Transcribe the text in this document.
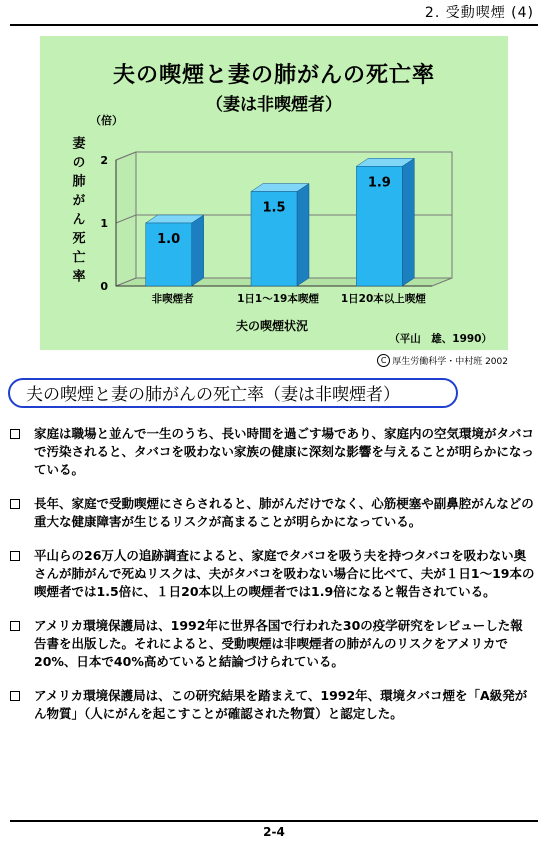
2. 受動喫煙 (4)
0
1
2
（倍）
妻の肺がん死亡率	1.0
非喫煙者
1.5
1日1～19本喫煙
1.9
1日20本以上喫煙
夫の喫煙状況
（平山　雄、1990）
夫の喫煙と妻の肺がんの死亡率
（妻は非喫煙者）
C 厚生労働科学・中村班 2002
夫の喫煙と妻の肺がんの死亡率（妻は非喫煙者）
家庭は職場と並んで一生のうち、長い時間を過ごす場であり、家庭内の空気環境がタバコで汚染されると、タバコを吸わない家族の健康に深刻な影響を与えることが明らかになっている。
長年、家庭で受動喫煙にさらされると、肺がんだけでなく、心筋梗塞や副鼻腔がんなどの重大な健康障害が生じるリスクが高まることが明らかになっている。
平山らの26万人の追跡調査によると、家庭でタバコを吸う夫を持つタバコを吸わない奥さんが肺がんで死ぬリスクは、夫がタバコを吸わない場合に比べて、夫が１日1～19本の喫煙者では1.5倍に、１日20本以上の喫煙者では1.9倍になると報告されている。
アメリカ環境保護局は、1992年に世界各国で行われた30の疫学研究をレビューした報告書を出版した。それによると、受動喫煙は非喫煙者の肺がんのリスクをアメリカで20%、日本で40%高めていると結論づけられている。
アメリカ環境保護局は、この研究結果を踏まえて、1992年、環境タバコ煙を「A級発がん物質」（人にがんを起こすことが確認された物質）と認定した。
2-4
